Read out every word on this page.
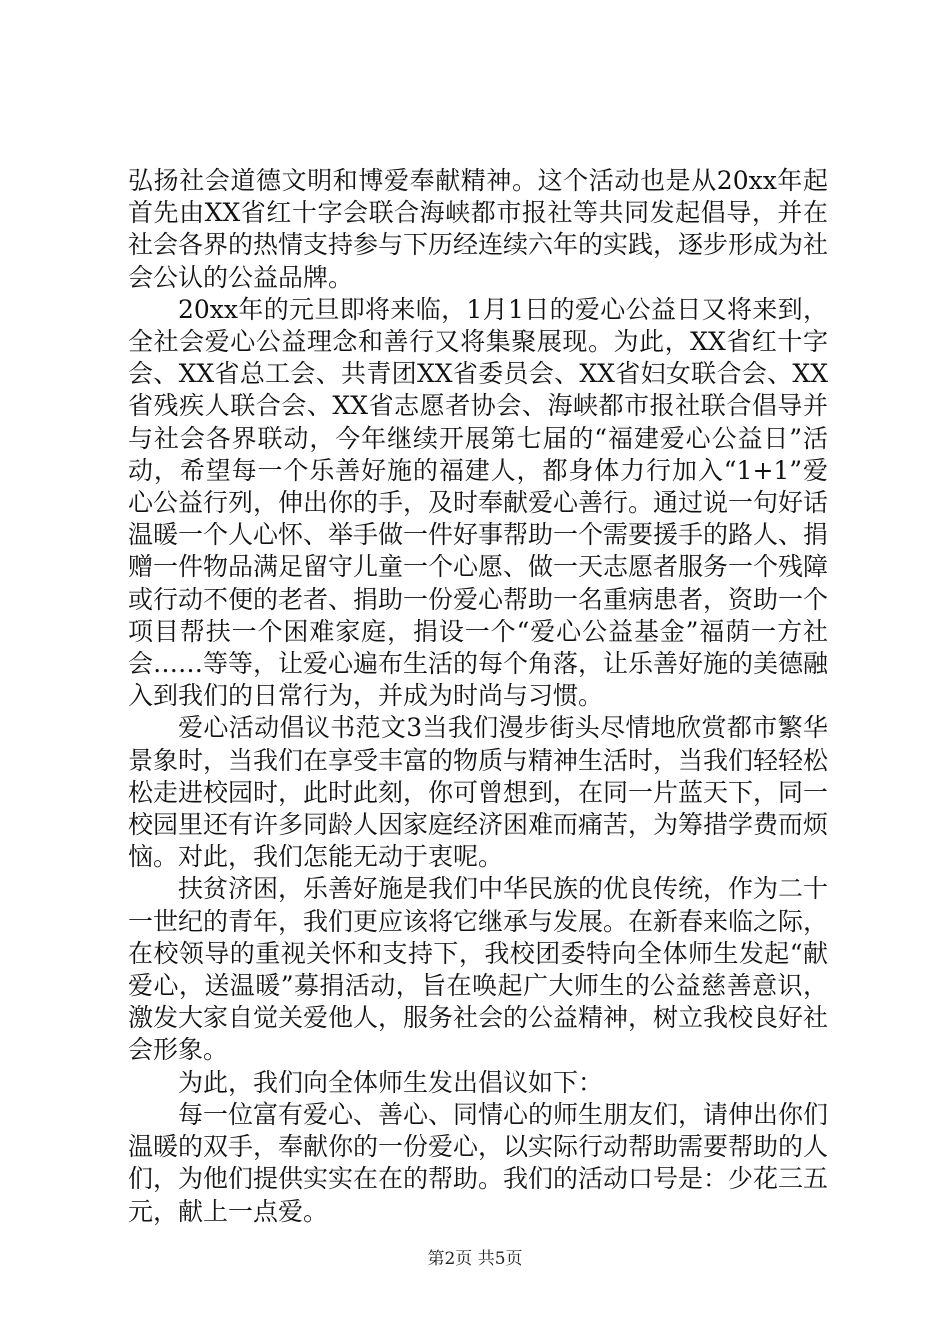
弘扬社会道德文明和博爱奉献精神。这个活动也是从20xx年起首先由XX省红十字会联合海峡都市报社等共同发起倡导，并在社会各界的热情支持参与下历经连续六年的实践，逐步形成为社会公认的公益品牌。

20xx年的元旦即将来临，1月1日的爱心公益日又将来到，全社会爱心公益理念和善行又将集聚展现。为此，XX省红十字会、XX省总工会、共青团XX省委员会、XX省妇女联合会、XX省残疾人联合会、XX省志愿者协会、海峡都市报社联合倡导并与社会各界联动，今年继续开展第七届的“福建爱心公益日”活动，希望每一个乐善好施的福建人，都身体力行加入“1+1”爱心公益行列，伸出你的手，及时奉献爱心善行。通过说一句好话温暖一个人心怀、举手做一件好事帮助一个需要援手的路人、捐赠一件物品满足留守儿童一个心愿、做一天志愿者服务一个残障或行动不便的老者、捐助一份爱心帮助一名重病患者，资助一个项目帮扶一个困难家庭，捐设一个“爱心公益基金”福荫一方社会……等等，让爱心遍布生活的每个角落，让乐善好施的美德融入到我们的日常行为，并成为时尚与习惯。

爱心活动倡议书范文3当我们漫步街头尽情地欣赏都市繁华景象时，当我们在享受丰富的物质与精神生活时，当我们轻轻松松走进校园时，此时此刻，你可曾想到，在同一片蓝天下，同一校园里还有许多同龄人因家庭经济困难而痛苦，为筹措学费而烦恼。对此，我们怎能无动于衷呢。

扶贫济困，乐善好施是我们中华民族的优良传统，作为二十一世纪的青年，我们更应该将它继承与发展。在新春来临之际，在校领导的重视关怀和支持下，我校团委特向全体师生发起“献爱心，送温暖”募捐活动，旨在唤起广大师生的公益慈善意识，激发大家自觉关爱他人，服务社会的公益精神，树立我校良好社会形象。

为此，我们向全体师生发出倡议如下：

每一位富有爱心、善心、同情心的师生朋友们，请伸出你们温暖的双手，奉献你的一份爱心，以实际行动帮助需要帮助的人们，为他们提供实实在在的帮助。我们的活动口号是：少花三五元，献上一点爱。

第2页 共5页
